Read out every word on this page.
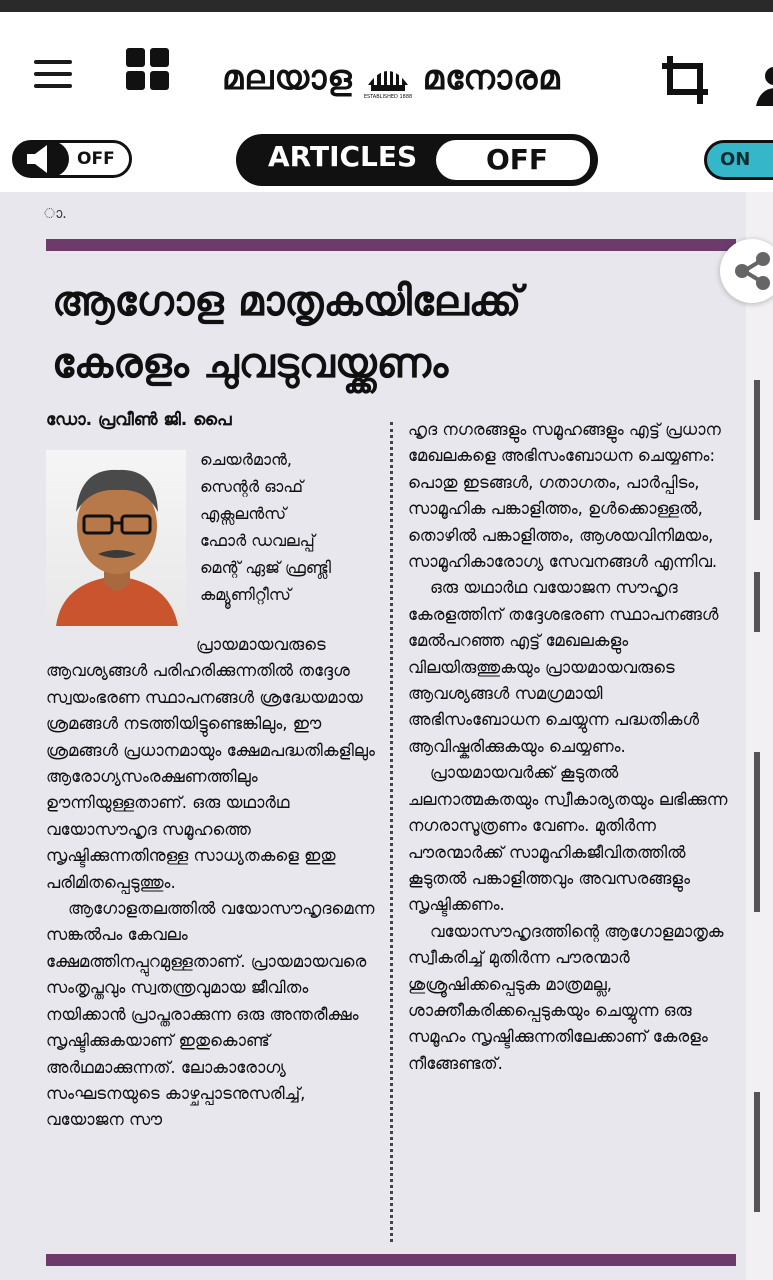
മലയാള ESTABLISHED 1888 മനോരമ
OFF	ARTICLES OFF	ON
ാ.
ആഗോള മാതൃകയിലേക്ക്
കേരളം ചുവടുവയ്ക്കണം
ഡോ. പ്രവീൺ ജി. പൈ
ചെയർമാൻ,
സെന്റർ ഓഫ്
എക്സലൻസ്
ഫോർ ഡവലപ്പ്
മെന്റ് ഏജ് ഫ്രണ്ട്ലി
കമ്യൂണിറ്റീസ്

പ്രായമായവരുടെ ആവശ്യങ്ങൾ പരിഹരിക്കുന്നതിൽ തദ്ദേശ സ്വയംഭരണ സ്ഥാപനങ്ങൾ ശ്രദ്ധേയമായ ശ്രമങ്ങൾ നടത്തിയിട്ടുണ്ടെങ്കിലും, ഈ ശ്രമങ്ങൾ പ്രധാനമായും ക്ഷേമപദ്ധതികളിലും ആരോഗ്യസംരക്ഷണത്തിലും ഊന്നിയുള്ളതാണ്. ഒരു യഥാർഥ വയോസൗഹൃദ സമൂഹത്തെ സൃഷ്ടിക്കുന്നതിനുള്ള സാധ്യതകളെ ഇതു പരിമിതപ്പെടുത്തും.

ആഗോളതലത്തിൽ വയോസൗഹൃദമെന്ന സങ്കൽപം കേവലം ക്ഷേമത്തിനപ്പുറമുള്ളതാണ്. പ്രായമായവരെ സംതൃപ്തവും സ്വതന്ത്രവുമായ ജീവിതം നയിക്കാൻ പ്രാപ്തരാക്കുന്ന ഒരു അന്തരീക്ഷം സൃഷ്ടിക്കുകയാണ് ഇതുകൊണ്ട് അർഥമാക്കുന്നത്. ലോകാരോഗ്യ സംഘടനയുടെ കാഴ്ചപ്പാടനുസരിച്ച്, വയോജന സൗ

ഹൃദ നഗരങ്ങളും സമൂഹങ്ങളും എട്ട് പ്രധാന മേഖലകളെ അഭിസംബോധന ചെയ്യണം: പൊതു ഇടങ്ങൾ, ഗതാഗതം, പാർപ്പിടം, സാമൂഹിക പങ്കാളിത്തം, ഉൾക്കൊള്ളൽ, തൊഴിൽ പങ്കാളിത്തം, ആശയവിനിമയം, സാമൂഹികാരോഗ്യ സേവനങ്ങൾ എന്നിവ.

ഒരു യഥാർഥ വയോജന സൗഹൃദ കേരളത്തിന് തദ്ദേശഭരണ സ്ഥാപനങ്ങൾ മേൽപറഞ്ഞ എട്ട് മേഖലകളും വിലയിരുത്തുകയും പ്രായമായവരുടെ ആവശ്യങ്ങൾ സമഗ്രമായി അഭിസംബോധന ചെയ്യുന്ന പദ്ധതികൾ ആവിഷ്കരിക്കുകയും ചെയ്യണം.

പ്രായമായവർക്ക് കൂടുതൽ ചലനാത്മകതയും സ്വീകാര്യതയും ലഭിക്കുന്ന നഗരാസൂത്രണം വേണം. മുതിർന്ന പൗരന്മാർക്ക് സാമൂഹികജീവിതത്തിൽ കൂടുതൽ പങ്കാളിത്തവും അവസരങ്ങളും സൃഷ്ടിക്കണം.

വയോസൗഹൃദത്തിന്റെ ആഗോളമാതൃക സ്വീകരിച്ച് മുതിർന്ന പൗരന്മാർ ശുശ്രൂഷിക്കപ്പെടുക മാത്രമല്ല, ശാക്തീകരിക്കപ്പെടുകയും ചെയ്യുന്ന ഒരു സമൂഹം സൃഷ്ടിക്കുന്നതിലേക്കാണ് കേരളം നീങ്ങേണ്ടത്.
